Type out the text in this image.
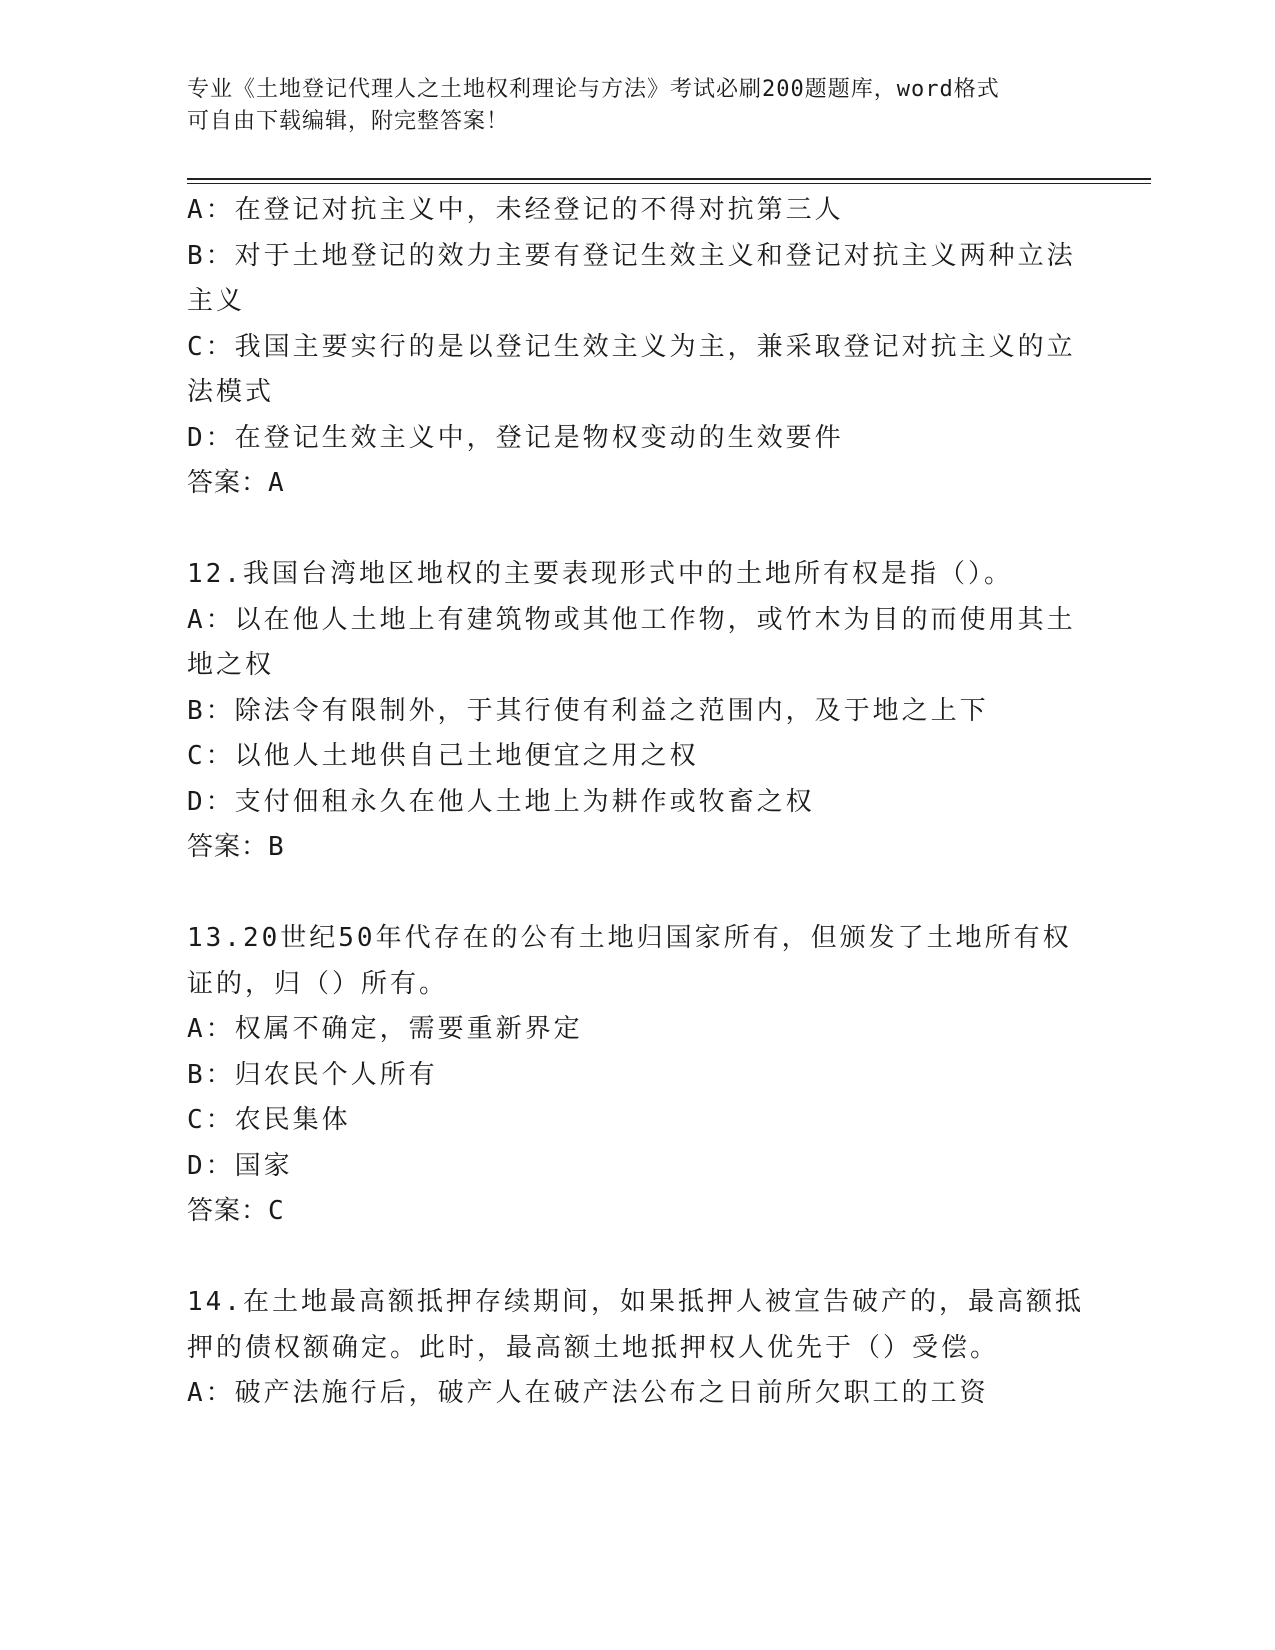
专业《土地登记代理人之土地权利理论与方法》考试必刷200题题库，word格式
可自由下载编辑，附完整答案！
A：在登记对抗主义中，未经登记的不得对抗第三人
B：对于土地登记的效力主要有登记生效主义和登记对抗主义两种立法
主义
C：我国主要实行的是以登记生效主义为主，兼采取登记对抗主义的立
法模式
D：在登记生效主义中，登记是物权变动的生效要件
答案：A
12.我国台湾地区地权的主要表现形式中的土地所有权是指（）。
A：以在他人土地上有建筑物或其他工作物，或竹木为目的而使用其土
地之权
B：除法令有限制外，于其行使有利益之范围内，及于地之上下
C：以他人土地供自己土地便宜之用之权
D：支付佃租永久在他人土地上为耕作或牧畜之权
答案：B
13.20世纪50年代存在的公有土地归国家所有，但颁发了土地所有权
证的，归（）所有。
A：权属不确定，需要重新界定
B：归农民个人所有
C：农民集体
D：国家
答案：C
14.在土地最高额抵押存续期间，如果抵押人被宣告破产的，最高额抵
押的债权额确定。此时，最高额土地抵押权人优先于（）受偿。
A：破产法施行后，破产人在破产法公布之日前所欠职工的工资
